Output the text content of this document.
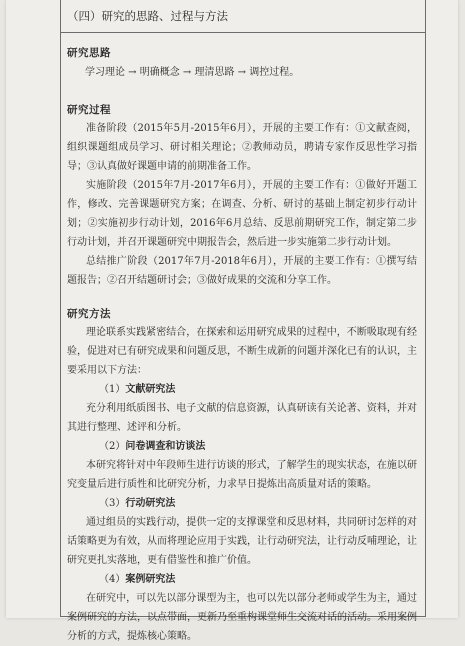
（四）研究的思路、过程与方法
研究思路
学习理论 → 明确概念 → 理清思路 → 调控过程。
研究过程
准备阶段（2015年5月-2015年6月），开展的主要工作有：①文献查阅，组织课题组成员学习、研讨相关理论；②教师动员，聘请专家作反思性学习指导；③认真做好课题申请的前期准备工作。
实施阶段（2015年7月-2017年6月），开展的主要工作有：①做好开题工作，修改、完善课题研究方案；在调查、分析、研讨的基础上制定初步行动计划；②实施初步行动计划，2016年6月总结、反思前期研究工作，制定第二步行动计划，并召开课题研究中期报告会，然后进一步实施第二步行动计划。
总结推广阶段（2017年7月-2018年6月），开展的主要工作有：①撰写结题报告；②召开结题研讨会；③做好成果的交流和分享工作。
研究方法
理论联系实践紧密结合，在探索和运用研究成果的过程中，不断吸取现有经验，促进对已有研究成果和问题反思，不断生成新的问题并深化已有的认识，主要采用以下方法：
（1）文献研究法
充分利用纸质图书、电子文献的信息资源，认真研读有关论著、资料，并对其进行整理、述评和分析。
（2）问卷调查和访谈法
本研究将针对中年段师生进行访谈的形式，了解学生的现实状态，在施以研究变量后进行质性和比研究分析，力求早日提炼出高质量对话的策略。
（3）行动研究法
通过组员的实践行动，提供一定的支撑课堂和反思材料，共同研讨怎样的对话策略更为有效，从而将理论应用于实践，让行动研究法，让行动反哺理论，让研究更扎实落地，更有借鉴性和推广价值。
（4）案例研究法
在研究中，可以先以部分课型为主，也可以先以部分老师或学生为主，通过案例研究的方法，以点带面，更新乃至重构课堂师生交流对话的活动。采用案例分析的方式，提炼核心策略。
